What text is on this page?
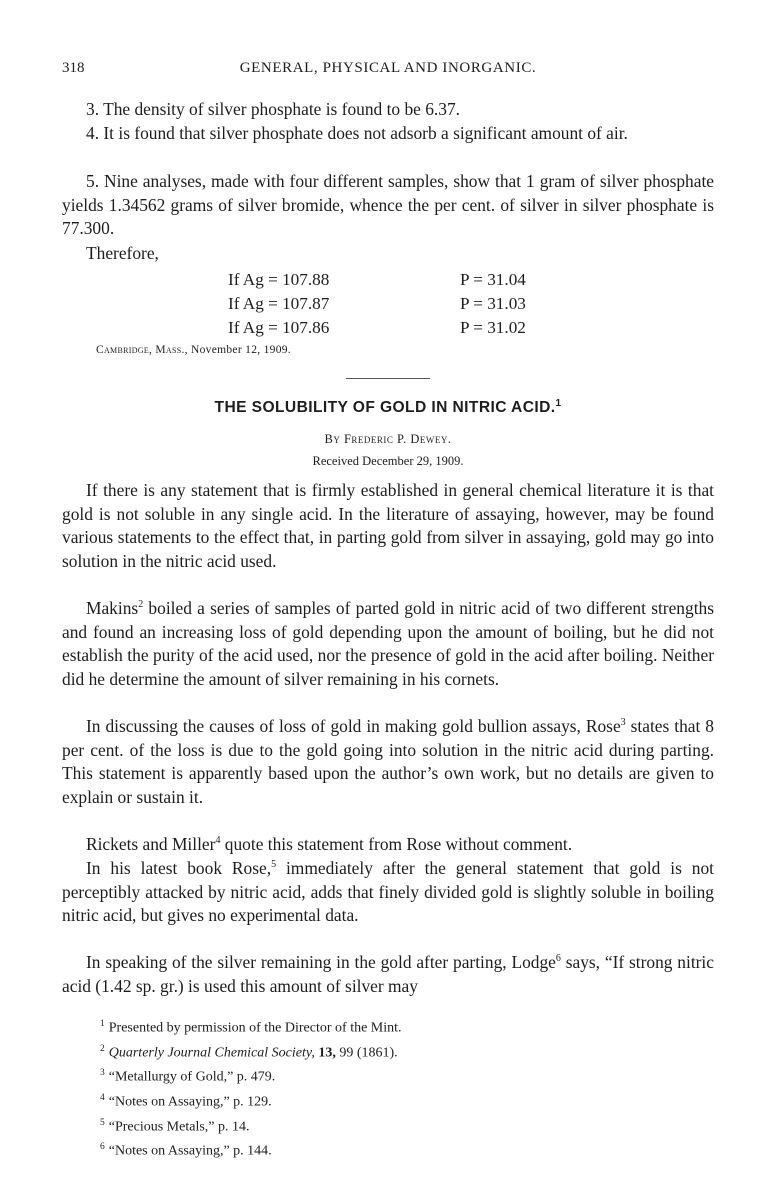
318	GENERAL, PHYSICAL AND INORGANIC.

3. The density of silver phosphate is found to be 6.37.

4. It is found that silver phosphate does not adsorb a significant amount of air.

5. Nine analyses, made with four different samples, show that 1 gram of silver phosphate yields 1.34562 grams of silver bromide, whence the per cent. of silver in silver phosphate is 77.300.

Therefore,

If Ag = 107.88	P = 31.04

If Ag = 107.87	P = 31.03

If Ag = 107.86	P = 31.02

Cambridge, Mass., November 12, 1909.

THE SOLUBILITY OF GOLD IN NITRIC ACID.$^1$

By Frederic P. Dewey.

Received December 29, 1909.

If there is any statement that is firmly established in general chemical literature it is that gold is not soluble in any single acid. In the literature of assaying, however, may be found various statements to the effect that, in parting gold from silver in assaying, gold may go into solution in the nitric acid used.

Makins$^2$ boiled a series of samples of parted gold in nitric acid of two different strengths and found an increasing loss of gold depending upon the amount of boiling, but he did not establish the purity of the acid used, nor the presence of gold in the acid after boiling. Neither did he determine the amount of silver remaining in his cornets.

In discussing the causes of loss of gold in making gold bullion assays, Rose$^3$ states that 8 per cent. of the loss is due to the gold going into solution in the nitric acid during parting. This statement is apparently based upon the author’s own work, but no details are given to explain or sustain it.

Rickets and Miller$^4$ quote this statement from Rose without comment.

In his latest book Rose,$^5$ immediately after the general statement that gold is not perceptibly attacked by nitric acid, adds that finely divided gold is slightly soluble in boiling nitric acid, but gives no experimental data.

In speaking of the silver remaining in the gold after parting, Lodge$^6$ says, “If strong nitric acid (1.42 sp. gr.) is used this amount of silver may

$^1$ Presented by permission of the Director of the Mint.
$^2$ Quarterly Journal Chemical Society, 13, 99 (1861).
$^3$ “Metallurgy of Gold,” p. 479.
$^4$ “Notes on Assaying,” p. 129.
$^5$ “Precious Metals,” p. 14.
$^6$ “Notes on Assaying,” p. 144.
